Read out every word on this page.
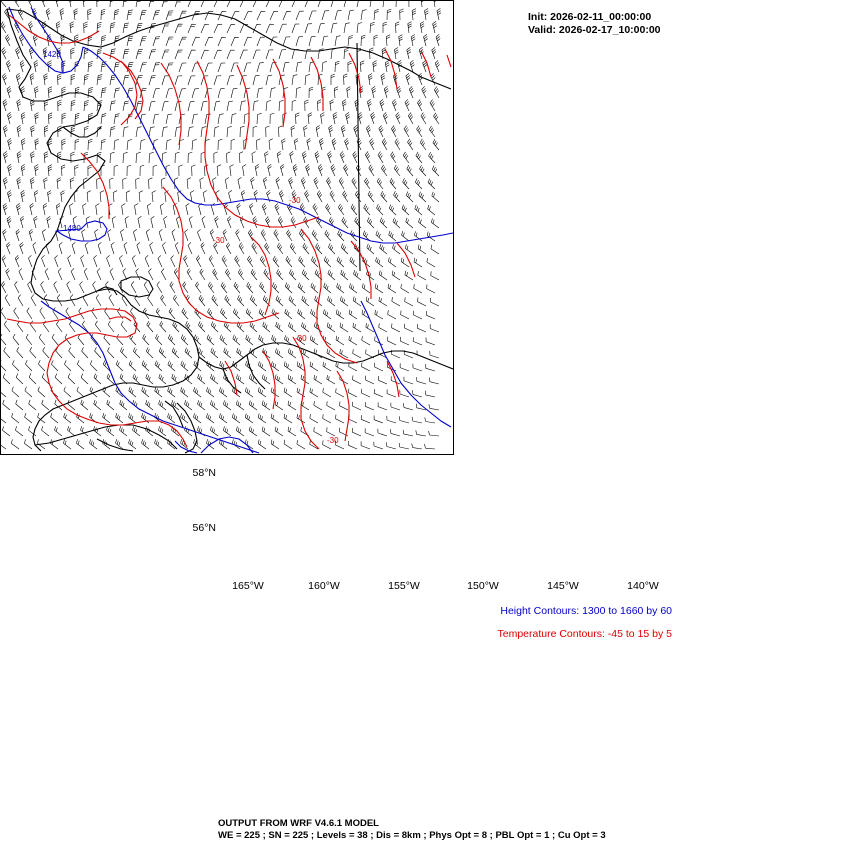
Init: 2026-02-11_00:00:00
Valid: 2026-02-17_10:00:00
58°N
56°N
165°W	160°W	155°W	150°W	145°W	140°W
1420
1480
-30
-30
-30
-30
Height Contours: 1300 to 1660 by 60
Temperature Contours: -45 to 15 by 5
OUTPUT FROM WRF V4.6.1 MODEL
WE = 225 ; SN = 225 ; Levels = 38 ; Dis = 8km ; Phys Opt = 8 ; PBL Opt = 1 ; Cu Opt = 3
